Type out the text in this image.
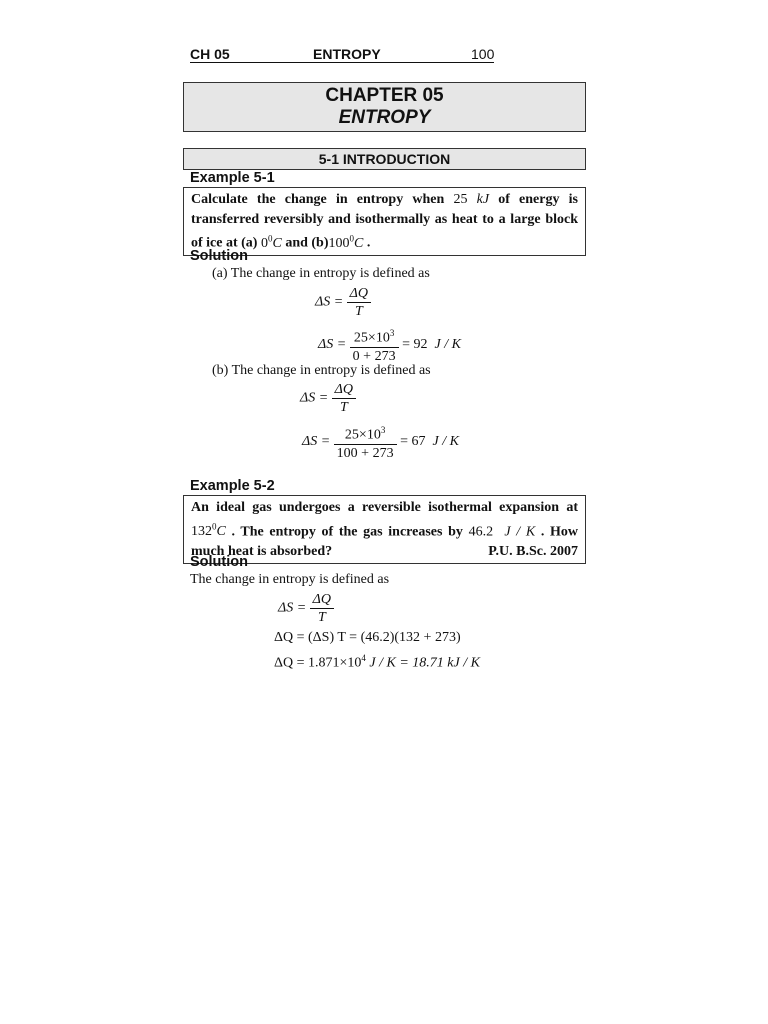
CH 05	ENTROPY	100
CHAPTER 05
ENTROPY
5-1 INTRODUCTION
Example 5-1
Calculate the change in entropy when 25 kJ of energy is transferred reversibly and isothermally as heat to a large block of ice at (a) $0^0C$ and $(b)100^0C$ .
Solution
(a) The change in entropy is defined as
$\Delta S = \frac{\Delta Q}{T}$
$\Delta S = \frac{25\times 10^3}{0 + 273} = 92$ J / K
(b) The change in entropy is defined as
$\Delta S = \frac{\Delta Q}{T}$
$\Delta S = \frac{25\times 10^3}{100 + 273} = 67$ J / K
Example 5-2
An ideal gas undergoes a reversible isothermal expansion at $132^0C$ . The entropy of the gas increases by 46.2 J / K . How much heat is absorbed?	P.U. B.Sc. 2007
Solution
The change in entropy is defined as
$\Delta S = \frac{\Delta Q}{T}$
ΔQ = (ΔS) T = (46.2)(132 + 273)
$\Delta Q = 1.871\times 10^4$ J / K = 18.71 kJ / K
